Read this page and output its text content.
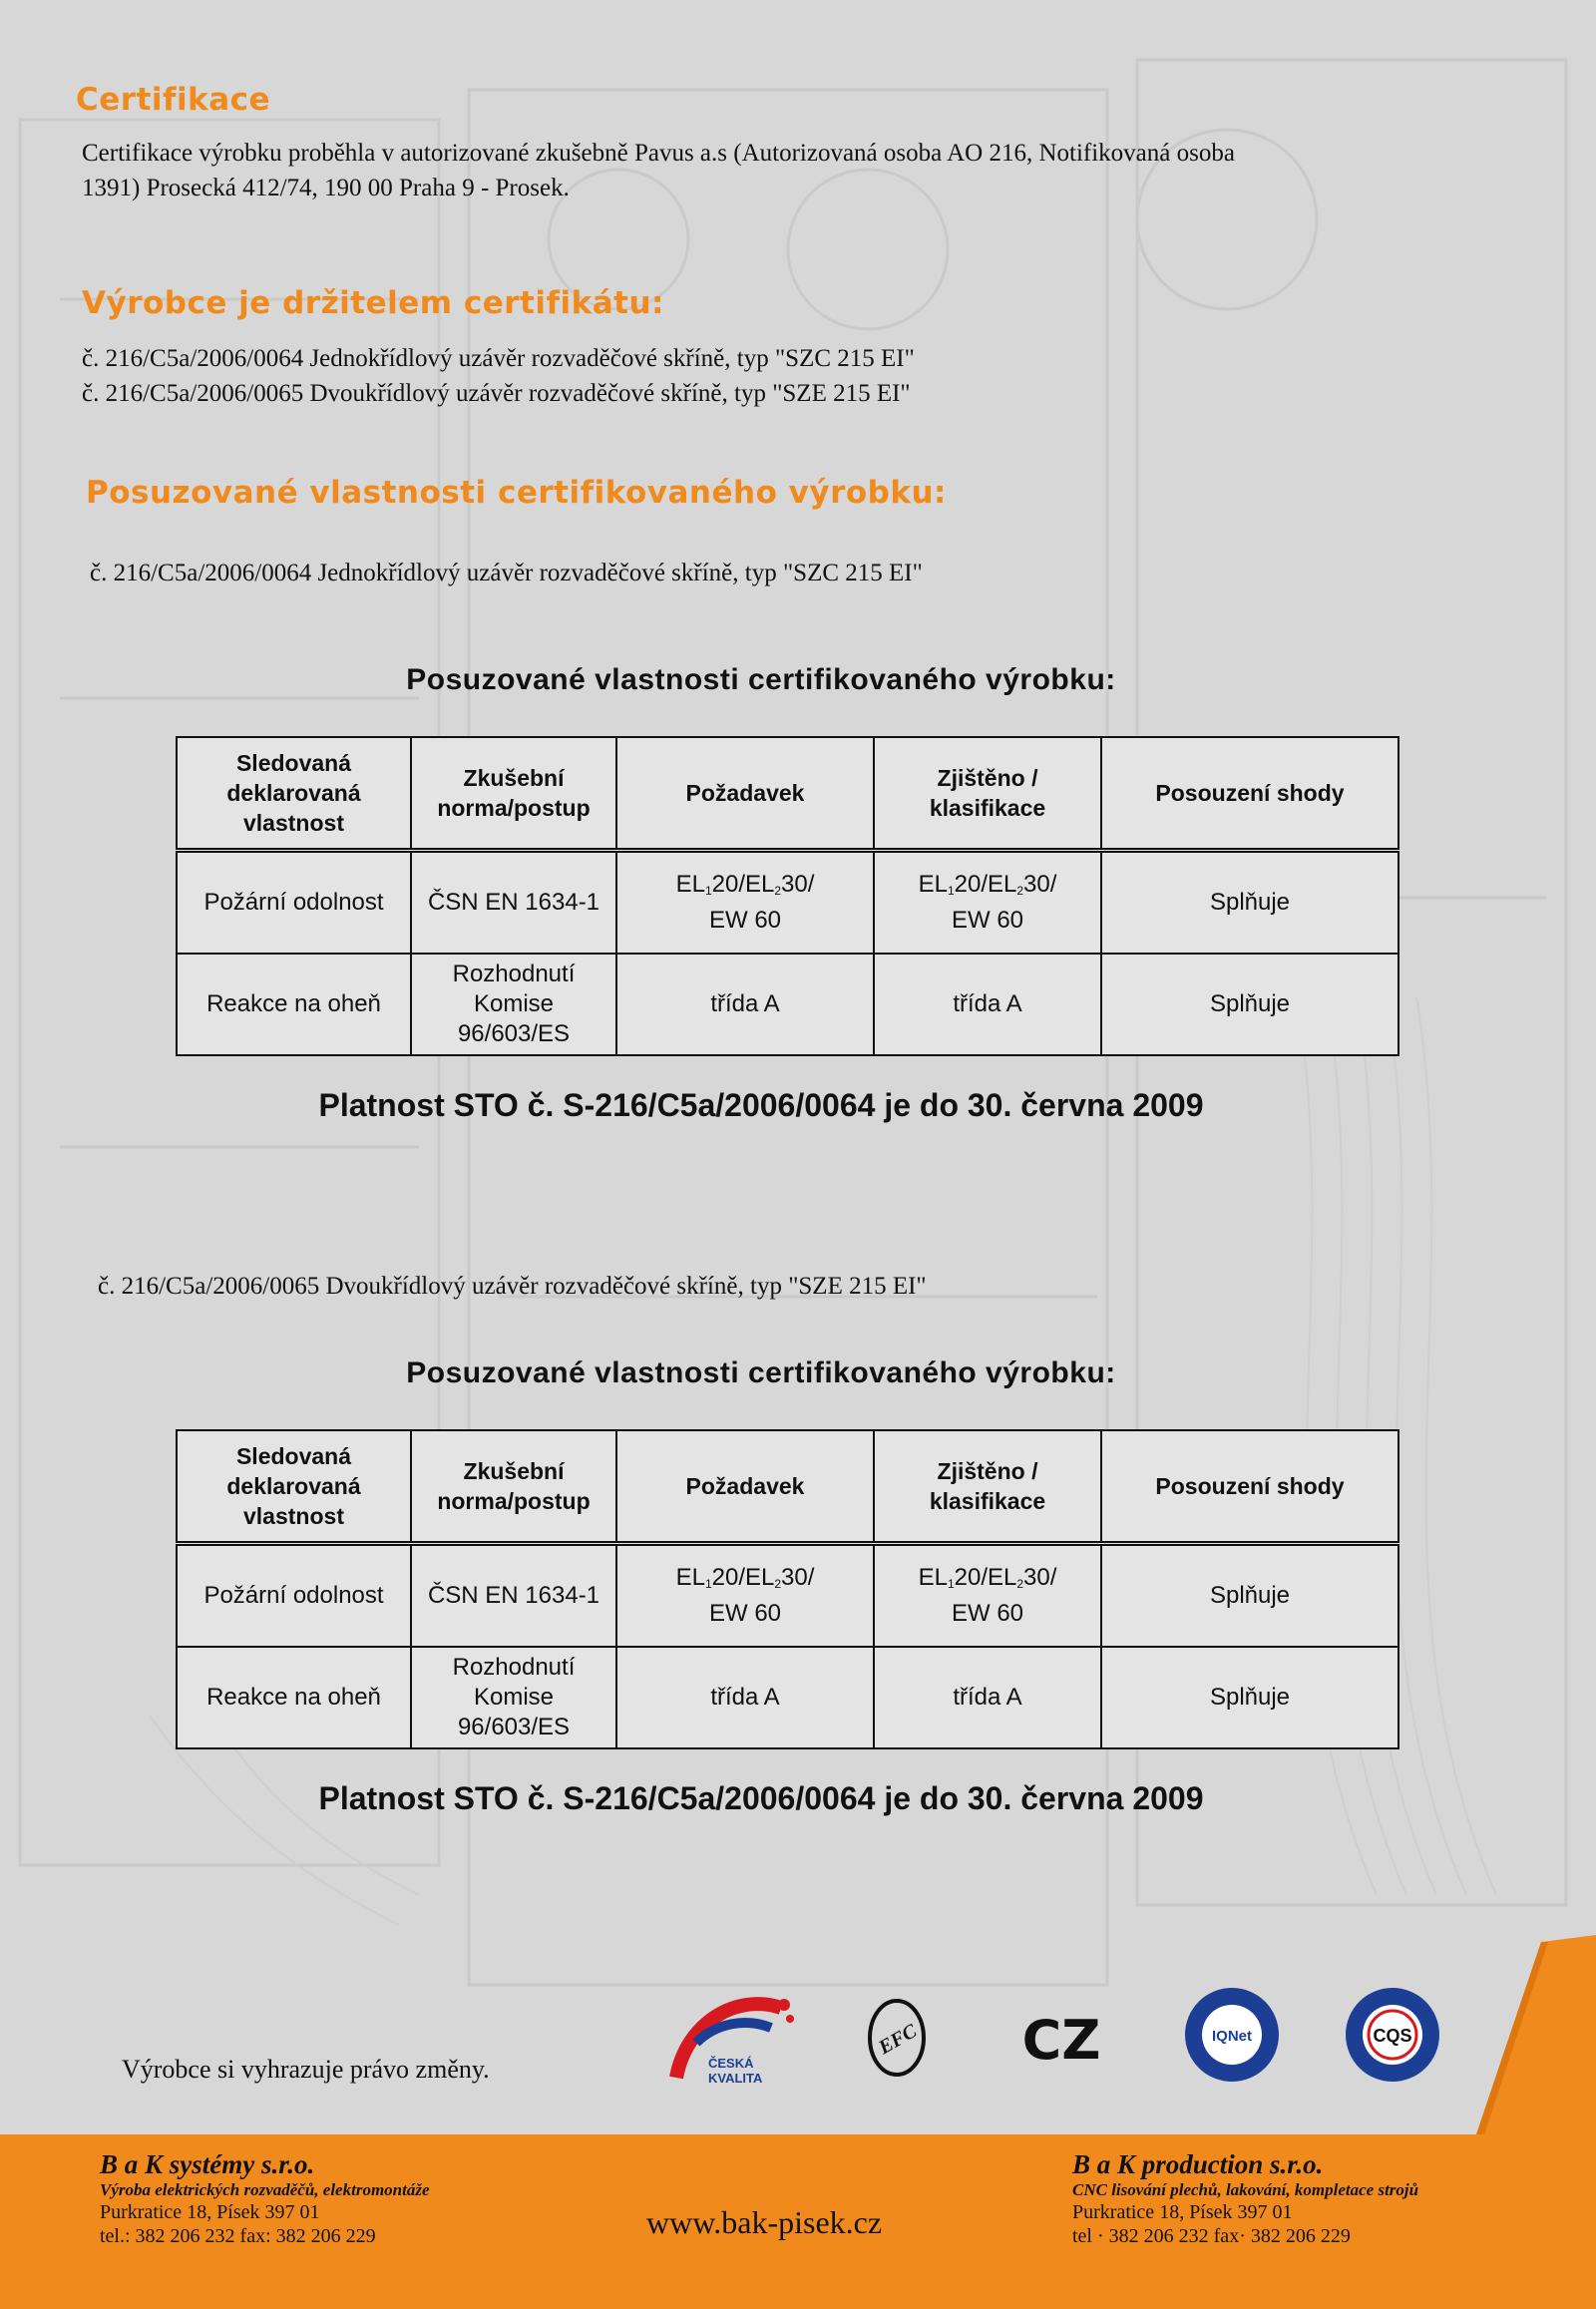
Certifikace
Certifikace výrobku proběhla v autorizované zkušebně Pavus a.s (Autorizovaná osoba AO 216, Notifikovaná osoba
1391) Prosecká 412/74, 190 00 Praha 9 - Prosek.
Výrobce je držitelem certifikátu:
č. 216/C5a/2006/0064 Jednokřídlový uzávěr rozvaděčové skříně, typ "SZC 215 EI"
č. 216/C5a/2006/0065 Dvoukřídlový uzávěr rozvaděčové skříně, typ "SZE 215 EI"
Posuzované vlastnosti certifikovaného výrobku:
č. 216/C5a/2006/0064 Jednokřídlový uzávěr rozvaděčové skříně, typ "SZC 215 EI"
Posuzované vlastnosti certifikovaného výrobku:
Sledovaná
deklarovaná
vlastnost	Zkušební
norma/postup	Požadavek	Zjištěno /
klasifikace	Posouzení shody
Požární odolnost	ČSN EN 1634-1	$EL_120/EL_230/$
EW 60	$EL_120/EL_230/$
EW 60	Splňuje
Reakce na oheň	Rozhodnutí
Komise
96/603/ES	třída A	třída A	Splňuje
Platnost STO č. S-216/C5a/2006/0064 je do 30. června 2009
č. 216/C5a/2006/0065 Dvoukřídlový uzávěr rozvaděčové skříně, typ "SZE 215 EI"
Posuzované vlastnosti certifikovaného výrobku:
Sledovaná
deklarovaná
vlastnost	Zkušební
norma/postup	Požadavek	Zjištěno /
klasifikace	Posouzení shody
Požární odolnost	ČSN EN 1634-1	$EL_120/EL_230/$
EW 60	$EL_120/EL_230/$
EW 60	Splňuje
Reakce na oheň	Rozhodnutí
Komise
96/603/ES	třída A	třída A	Splňuje
Platnost STO č. S-216/C5a/2006/0064 je do 30. června 2009
Výrobce si vyhrazuje právo změny.	ČESKÁ
KVALITA
EFC CZ	IQNet	CQS
B a K systémy s.r.o.
Výroba elektrických rozvaděčů, elektromontáže
Purkratice 18, Písek 397 01
tel.: 382 206 232 fax: 382 206 229	www.bak-pisek.cz
B a K production s.r.o.
CNC lisování plechů, lakování, kompletace strojů
Purkratice 18, Písek 397 01
tel · 382 206 232 fax· 382 206 229
